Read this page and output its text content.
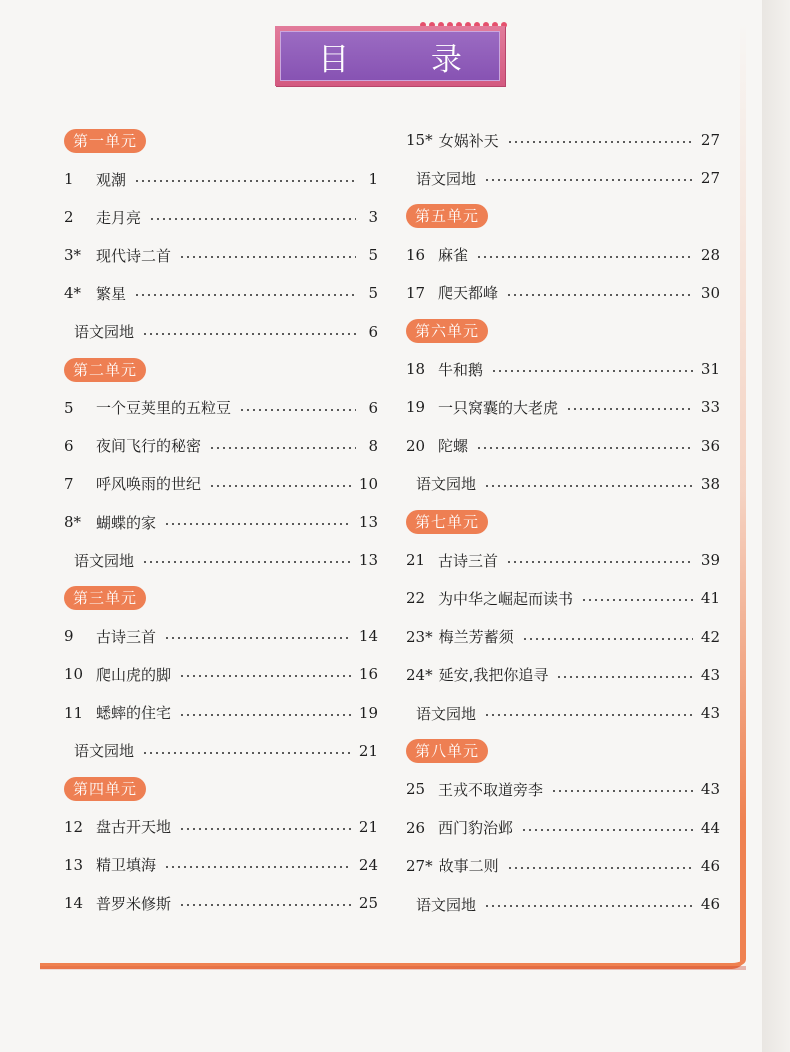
目 录
第一单元
1	观潮	1
2	走月亮	3
3* 现代诗二首	5
4* 繁星	5
语文园地	6
第二单元
5	一个豆荚里的五粒豆	6
6	夜间飞行的秘密	8
7	呼风唤雨的世纪	10
8* 蝴蝶的家	13
语文园地	13
第三单元
9	古诗三首	14
10 爬山虎的脚	16
11 蟋蟀的住宅	19
语文园地	21
第四单元
12 盘古开天地	21
13 精卫填海	24
14 普罗米修斯	25
15* 女娲补天	27
语文园地	27
第五单元
16 麻雀	28
17 爬天都峰	30
第六单元
18 牛和鹅	31
19 一只窝囊的大老虎	33
20 陀螺	36
语文园地	38
第七单元
21 古诗三首	39
22 为中华之崛起而读书	41
23* 梅兰芳蓄须	42
24* 延安,我把你追寻	43
语文园地	43
第八单元
25 王戎不取道旁李	43
26 西门豹治邺	44
27* 故事二则	46
语文园地	46
